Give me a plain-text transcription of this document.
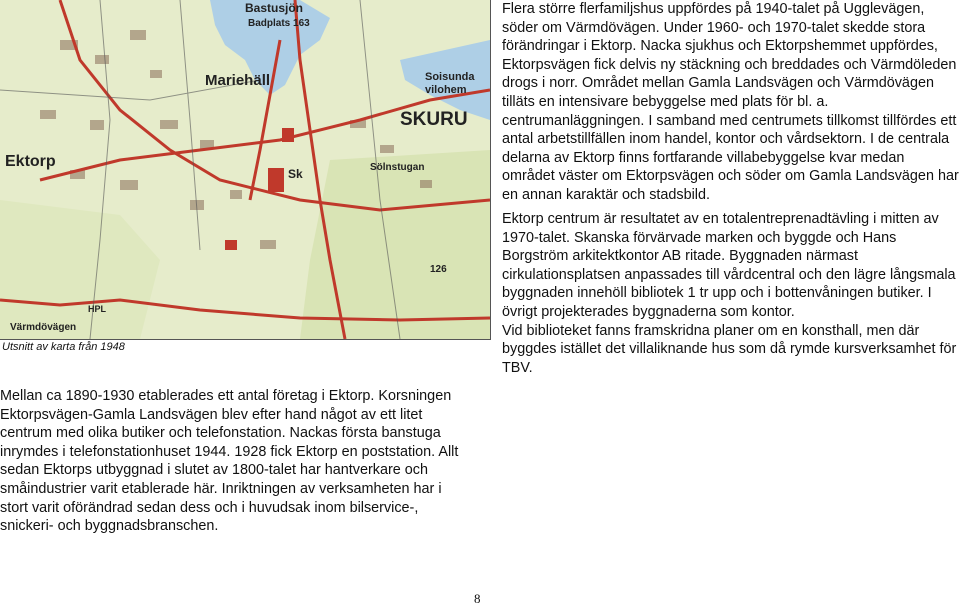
Bastusjön
Badplats 163
Mariehäll	Soisunda
vilohem
SKURU
Ektorp	Sölnstugan
Värmdövägen
HPL
Sk
126
Utsnitt av karta från 1948
Flera större flerfamiljshus uppfördes på 1940-talet på Ugglevägen, söder om Värmdövägen. Under 1960- och 1970-talet skedde stora förändringar i Ektorp. Nacka sjukhus och Ektorpshemmet uppfördes, Ektorpsvägen fick delvis ny stäckning och breddades och Värmdöleden drogs i norr. Området mellan Gamla Landsvägen och Värmdövägen tilläts en intensivare bebyggelse med plats för bl. a. centrumanläggningen. I samband med centrumets tillkomst tillfördes ett antal arbetstillfällen inom handel, kontor och vårdsektorn. I de centrala delarna av Ektorp finns fortfarande villabebyggelse kvar medan området väster om Ektorpsvägen och söder om Gamla Landsvägen har en annan karaktär och stadsbild.
Ektorp centrum är resultatet av en totalentreprenadtävling i mitten av 1970-talet. Skanska förvärvade marken och byggde och Hans Borgström arkitektkontor AB ritade. Byggnaden närmast cirkulationsplatsen anpassades till vårdcentral och den lägre långsmala byggnaden innehöll bibliotek 1 tr upp och i bottenvåningen butiker. I övrigt projekterades byggnaderna som kontor.
Vid biblioteket fanns framskridna planer om en konsthall, men där byggdes istället det villaliknande hus som då rymde kursverksamhet för TBV.
Mellan ca 1890-1930 etablerades ett antal företag i Ektorp. Korsningen Ektorpsvägen-Gamla Landsvägen blev efter hand något av ett litet centrum med olika butiker och telefonstation. Nackas första banstuga inrymdes i telefonstationhuset 1944. 1928 fick Ektorp en poststation. Allt sedan Ektorps utbyggnad i slutet av 1800-talet har hantverkare och småindustrier varit etablerade här. Inriktningen av verksamheten har i stort varit oförändrad sedan dess och i huvudsak inom bilservice-, snickeri- och byggnadsbranschen.
8
